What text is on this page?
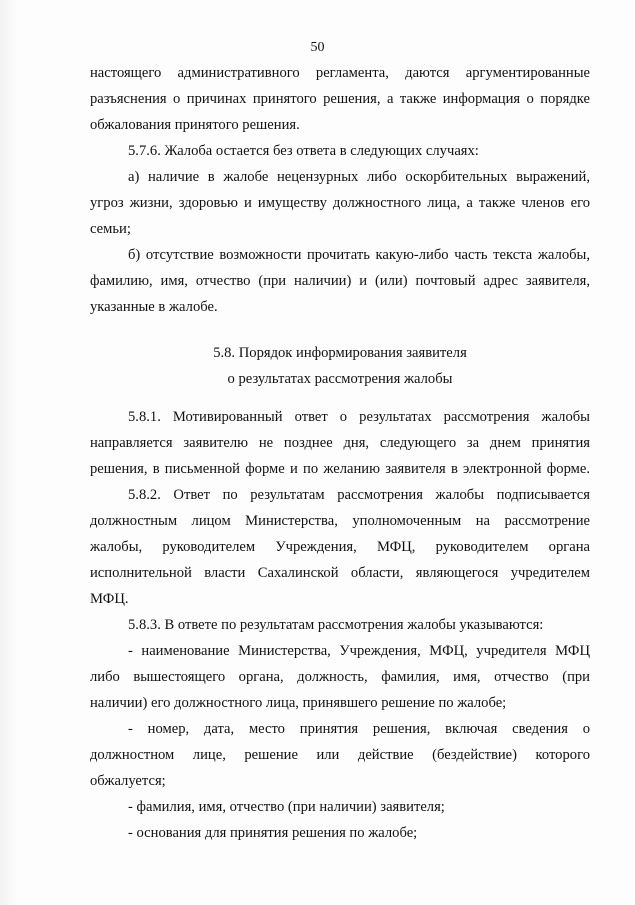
50
настоящего административного регламента, даются аргументированные
разъяснения о причинах принятого решения, а также информация о порядке
обжалования принятого решения.
5.7.6. Жалоба остается без ответа в следующих случаях:
а) наличие в жалобе нецензурных либо оскорбительных выражений,
угроз жизни, здоровью и имуществу должностного лица, а также членов его
семьи;
б) отсутствие возможности прочитать какую-либо часть текста жалобы,
фамилию, имя, отчество (при наличии) и (или) почтовый адрес заявителя,
указанные в жалобе.
5.8. Порядок информирования заявителя
о результатах рассмотрения жалобы
5.8.1. Мотивированный ответ о результатах рассмотрения жалобы
направляется заявителю не позднее дня, следующего за днем принятия
решения, в письменной форме и по желанию заявителя в электронной форме.
5.8.2. Ответ по результатам рассмотрения жалобы подписывается
должностным лицом Министерства, уполномоченным на рассмотрение
жалобы, руководителем Учреждения, МФЦ, руководителем органа
исполнительной власти Сахалинской области, являющегося учредителем
МФЦ.
5.8.3. В ответе по результатам рассмотрения жалобы указываются:
- наименование Министерства, Учреждения, МФЦ, учредителя МФЦ
либо вышестоящего органа, должность, фамилия, имя, отчество (при
наличии) его должностного лица, принявшего решение по жалобе;
- номер, дата, место принятия решения, включая сведения о
должностном лице, решение или действие (бездействие) которого
обжалуется;
- фамилия, имя, отчество (при наличии) заявителя;
- основания для принятия решения по жалобе;
